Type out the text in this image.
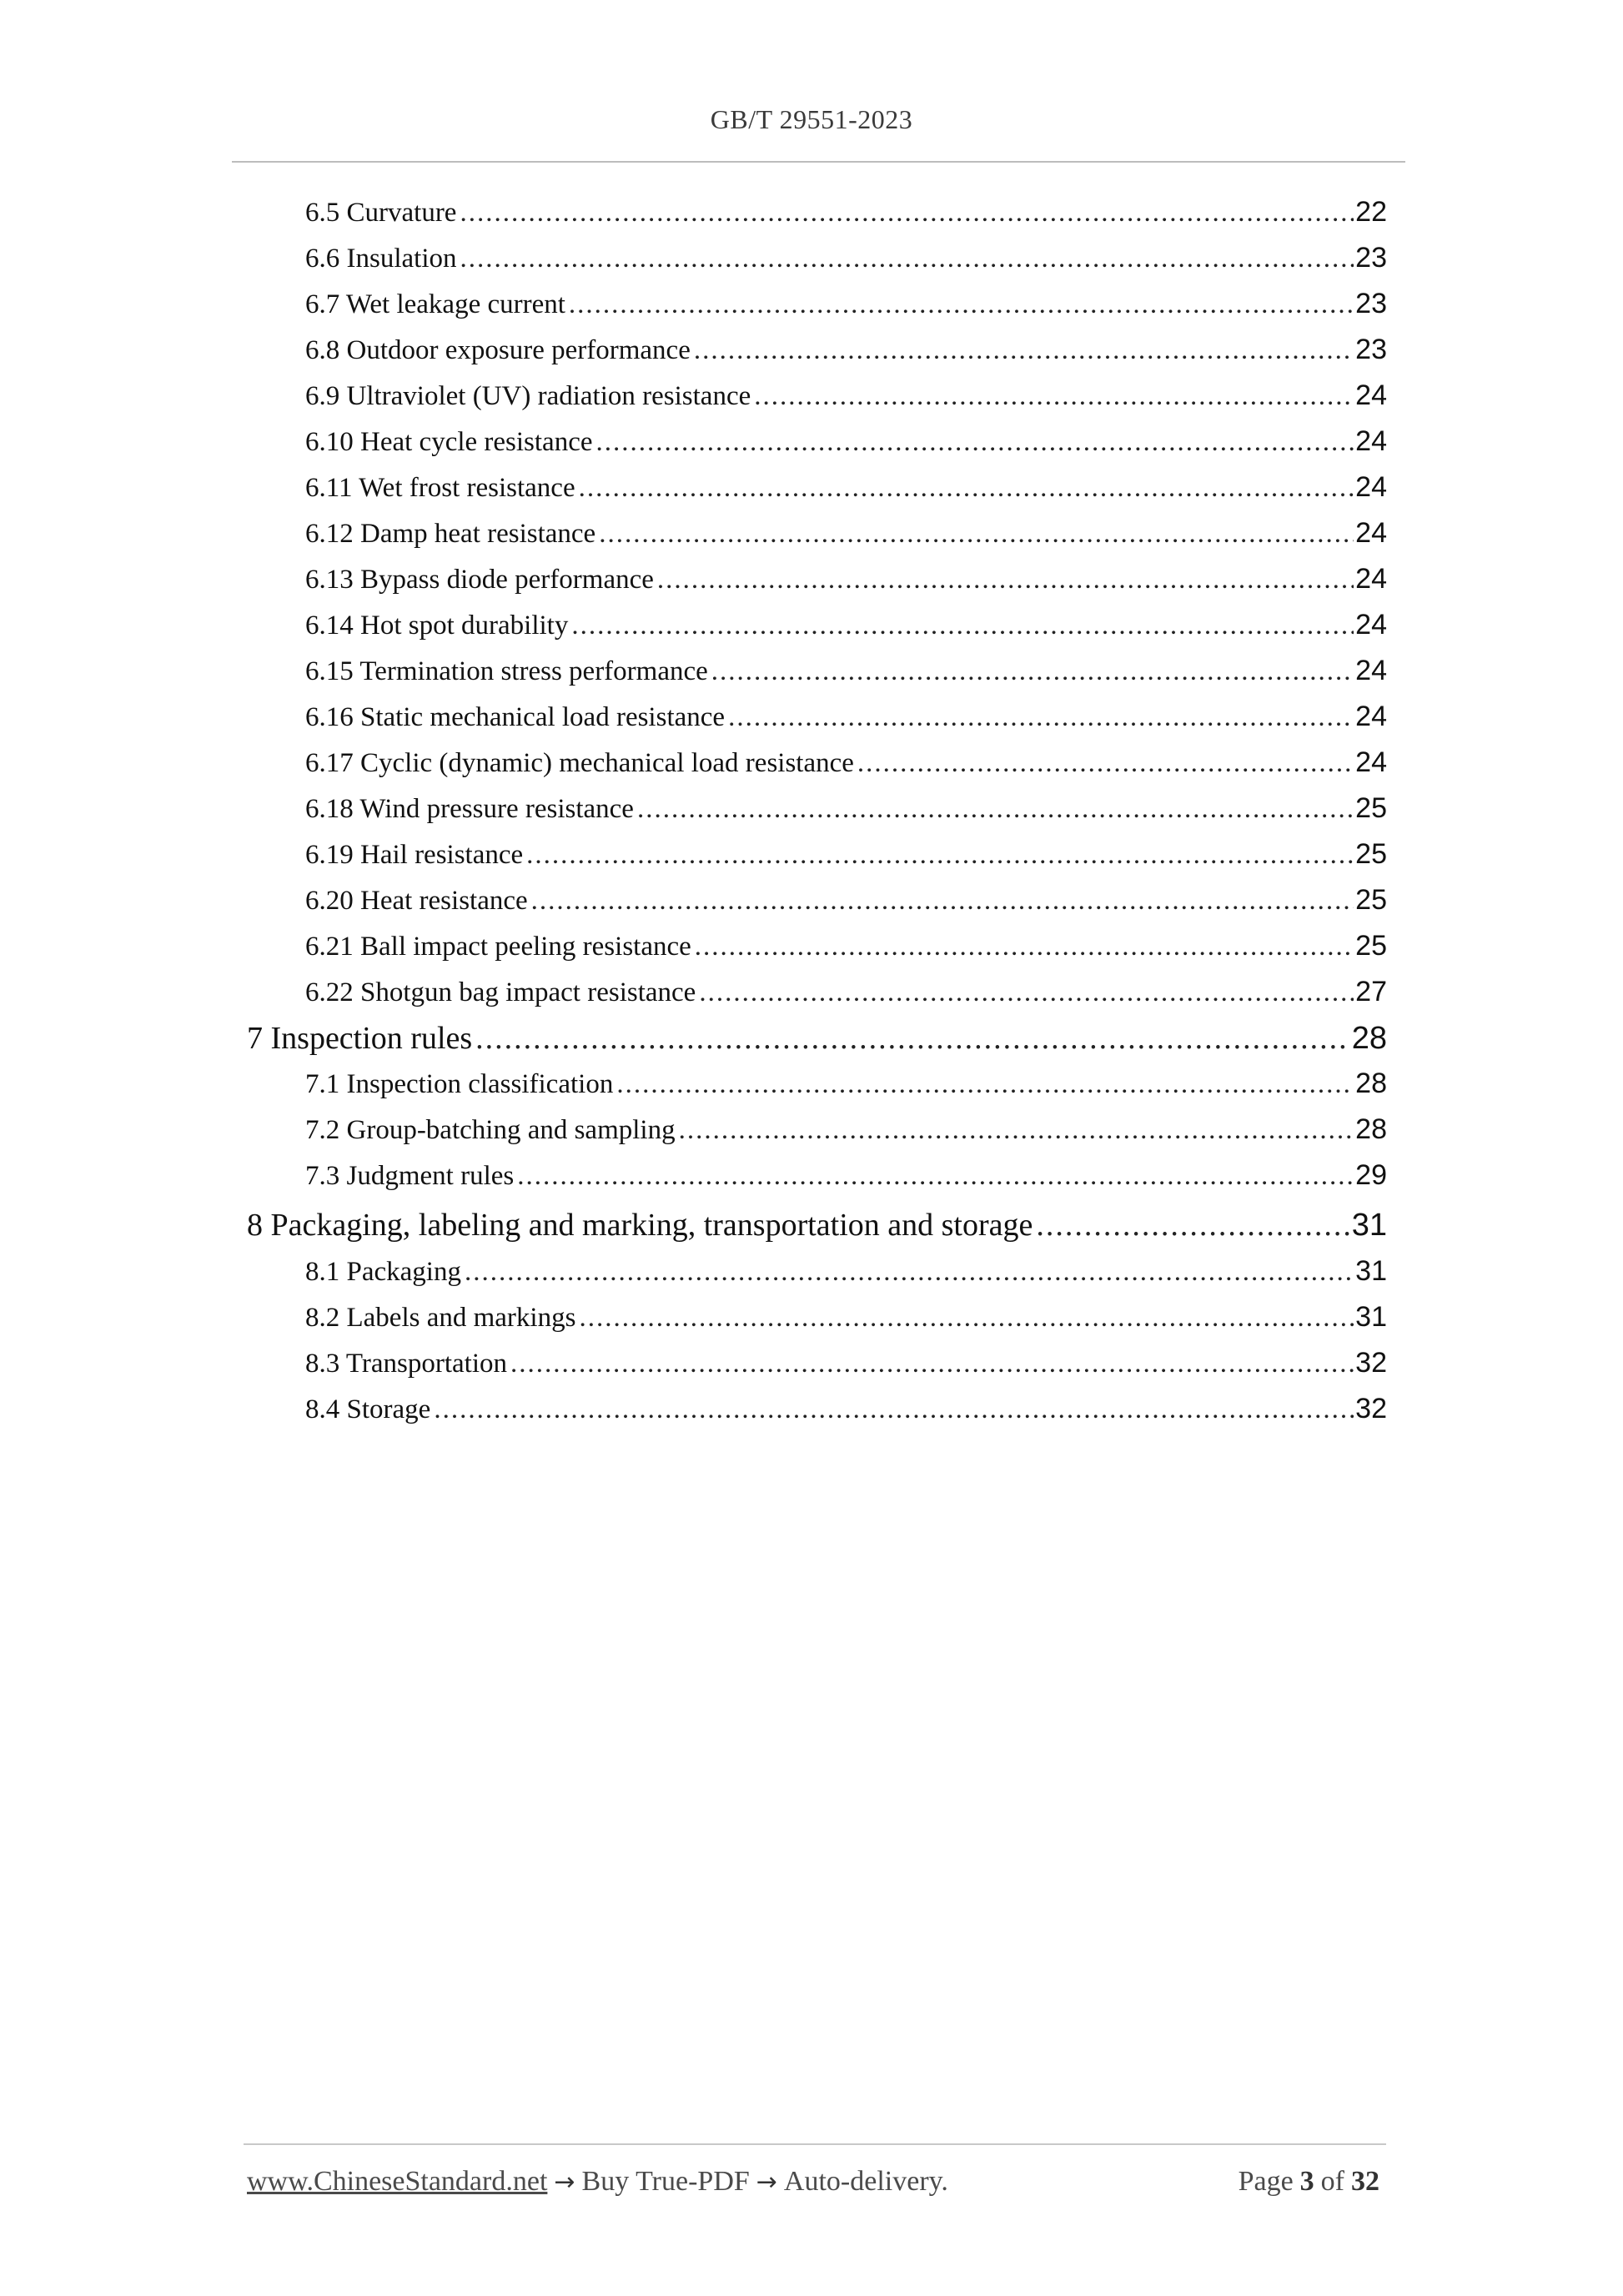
GB/T 29551-2023
6.5 Curvature .....	22
6.6 Insulation .....	23
6.7 Wet leakage current .....	23
6.8 Outdoor exposure performance .....	23
6.9 Ultraviolet (UV) radiation resistance .....	24
6.10 Heat cycle resistance .....	24
6.11 Wet frost resistance .....	24
6.12 Damp heat resistance .....	24
6.13 Bypass diode performance .....	24
6.14 Hot spot durability .....	24
6.15 Termination stress performance .....	24
6.16 Static mechanical load resistance .....	24
6.17 Cyclic (dynamic) mechanical load resistance .....	24
6.18 Wind pressure resistance .....	25
6.19 Hail resistance .....	25
6.20 Heat resistance .....	25
6.21 Ball impact peeling resistance .....	25
6.22 Shotgun bag impact resistance .....	27
7 Inspection rules .....	28
7.1 Inspection classification .....	28
7.2 Group-batching and sampling .....	28
7.3 Judgment rules .....	29
8 Packaging, labeling and marking, transportation and storage .....	31
8.1 Packaging .....	31
8.2 Labels and markings .....	31
8.3 Transportation .....	32
8.4 Storage .....	32
www.ChineseStandard.net → Buy True-PDF → Auto-delivery.	Page 3 of 32
